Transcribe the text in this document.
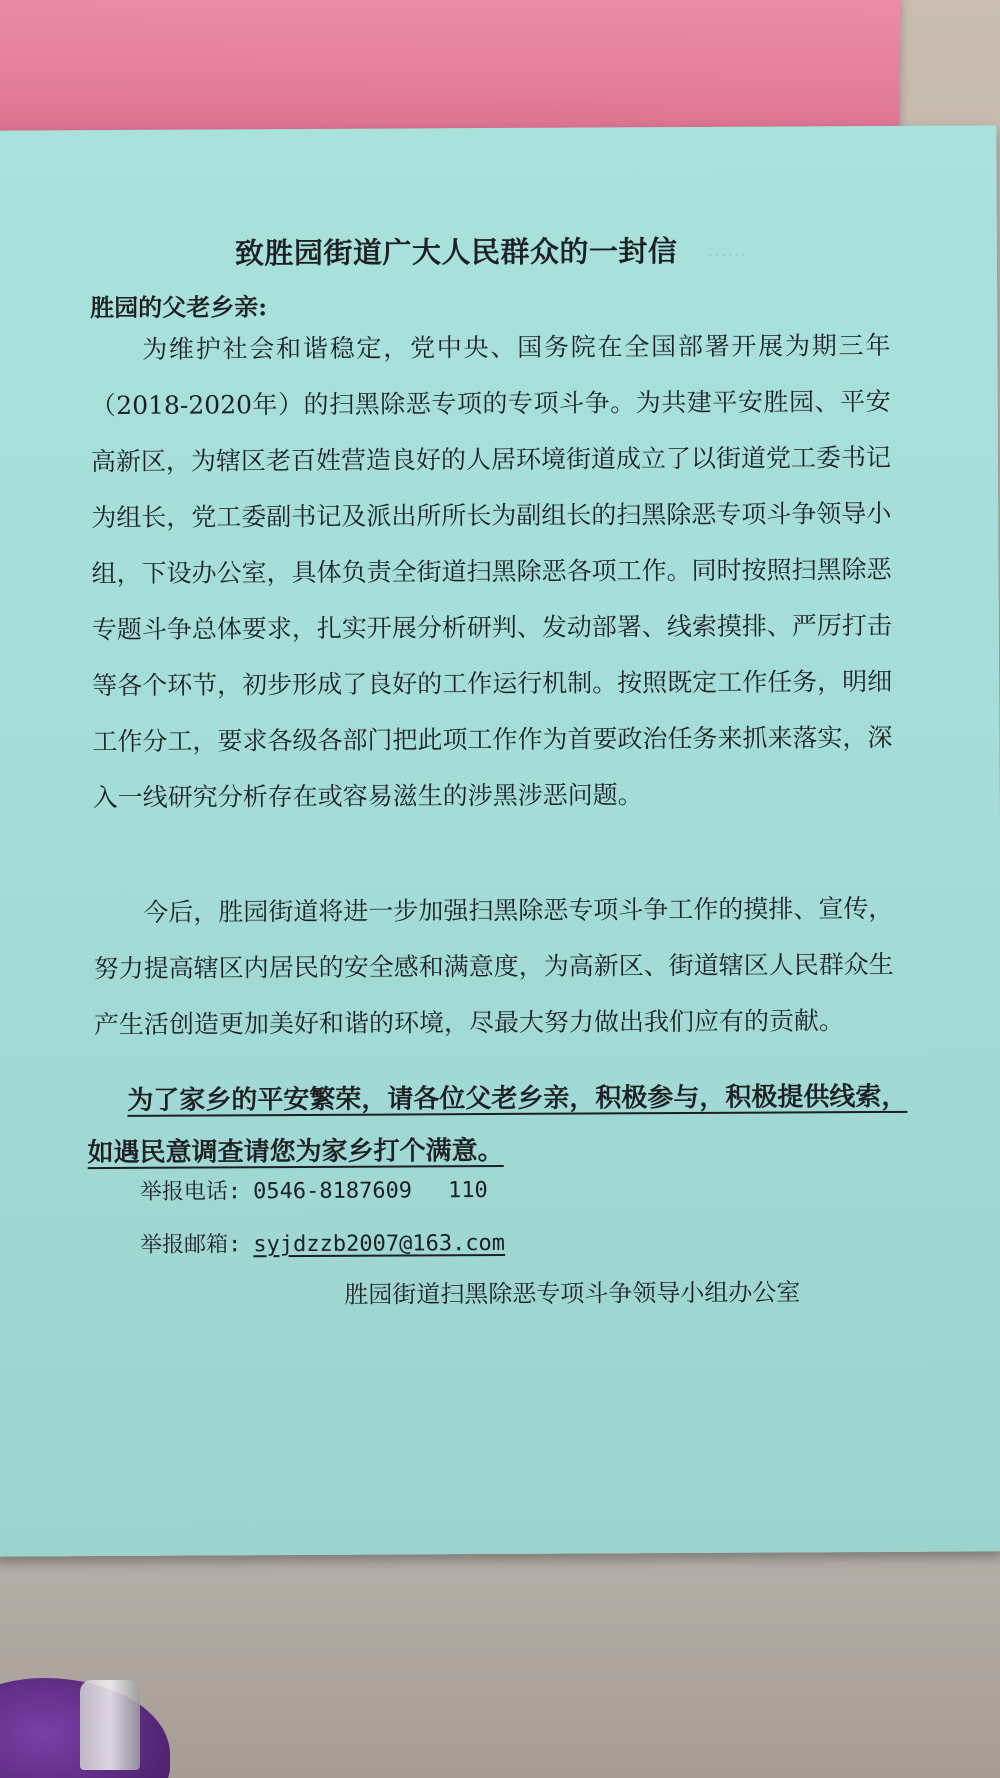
……
致胜园街道广大人民群众的一封信
胜园的父老乡亲:
为维护社会和谐稳定，党中央、国务院在全国部署开展为期三年（2018-2020年）的扫黑除恶专项的专项斗争。为共建平安胜园、平安高新区，为辖区老百姓营造良好的人居环境街道成立了以街道党工委书记为组长，党工委副书记及派出所所长为副组长的扫黑除恶专项斗争领导小组，下设办公室，具体负责全街道扫黑除恶各项工作。同时按照扫黑除恶专题斗争总体要求，扎实开展分析研判、发动部署、线索摸排、严厉打击等各个环节，初步形成了良好的工作运行机制。按照既定工作任务，明细工作分工，要求各级各部门把此项工作作为首要政治任务来抓来落实，深入一线研究分析存在或容易滋生的涉黑涉恶问题。
今后，胜园街道将进一步加强扫黑除恶专项斗争工作的摸排、宣传，努力提高辖区内居民的安全感和满意度，为高新区、街道辖区人民群众生产生活创造更加美好和谐的环境，尽最大努力做出我们应有的贡献。
为了家乡的平安繁荣，请各位父老乡亲，积极参与，积极提供线索，如遇民意调查请您为家乡打个满意。
举报电话: 0546-8187609 110
举报邮箱: syjdzzb2007@163.com
胜园街道扫黑除恶专项斗争领导小组办公室
